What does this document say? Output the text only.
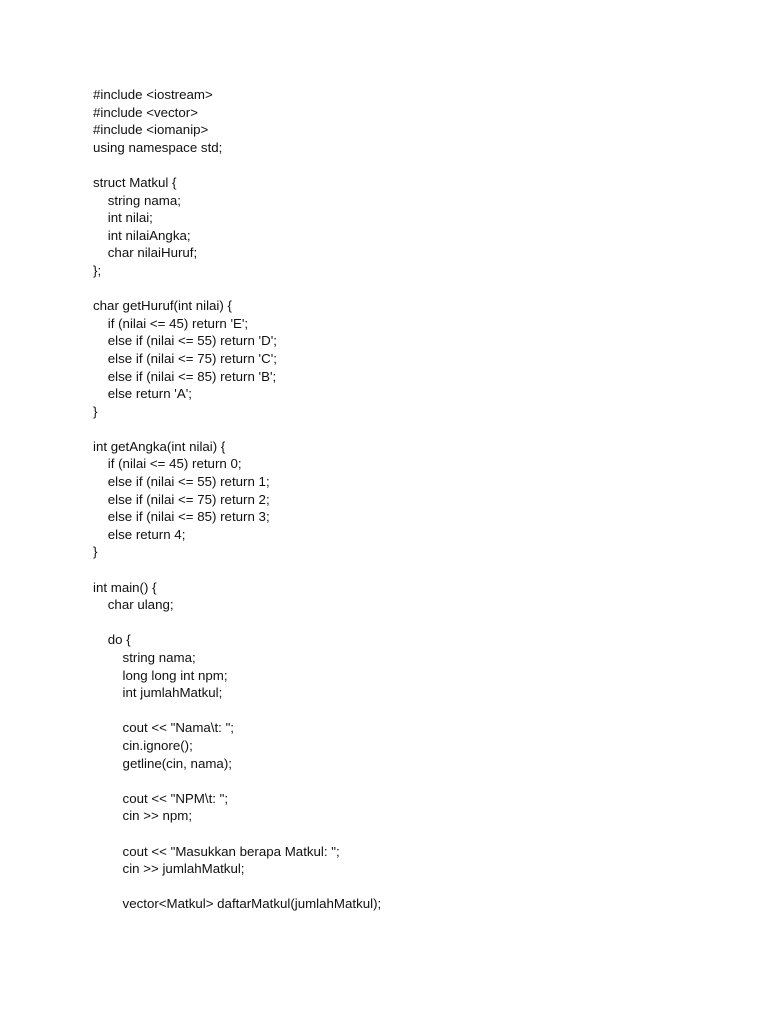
#include <iostream>
#include <vector>
#include <iomanip>
using namespace std;
struct Matkul {
string nama;
int nilai;
int nilaiAngka;
char nilaiHuruf;
};
char getHuruf(int nilai) {
if (nilai <= 45) return 'E';
else if (nilai <= 55) return 'D';
else if (nilai <= 75) return 'C';
else if (nilai <= 85) return 'B';
else return 'A';
}
int getAngka(int nilai) {
if (nilai <= 45) return 0;
else if (nilai <= 55) return 1;
else if (nilai <= 75) return 2;
else if (nilai <= 85) return 3;
else return 4;
}
int main() {
char ulang;
do {
string nama;
long long int npm;
int jumlahMatkul;
cout << "Nama\t: ";
cin.ignore();
getline(cin, nama);
cout << "NPM\t: ";
cin >> npm;
cout << "Masukkan berapa Matkul: ";
cin >> jumlahMatkul;
vector<Matkul> daftarMatkul(jumlahMatkul);
